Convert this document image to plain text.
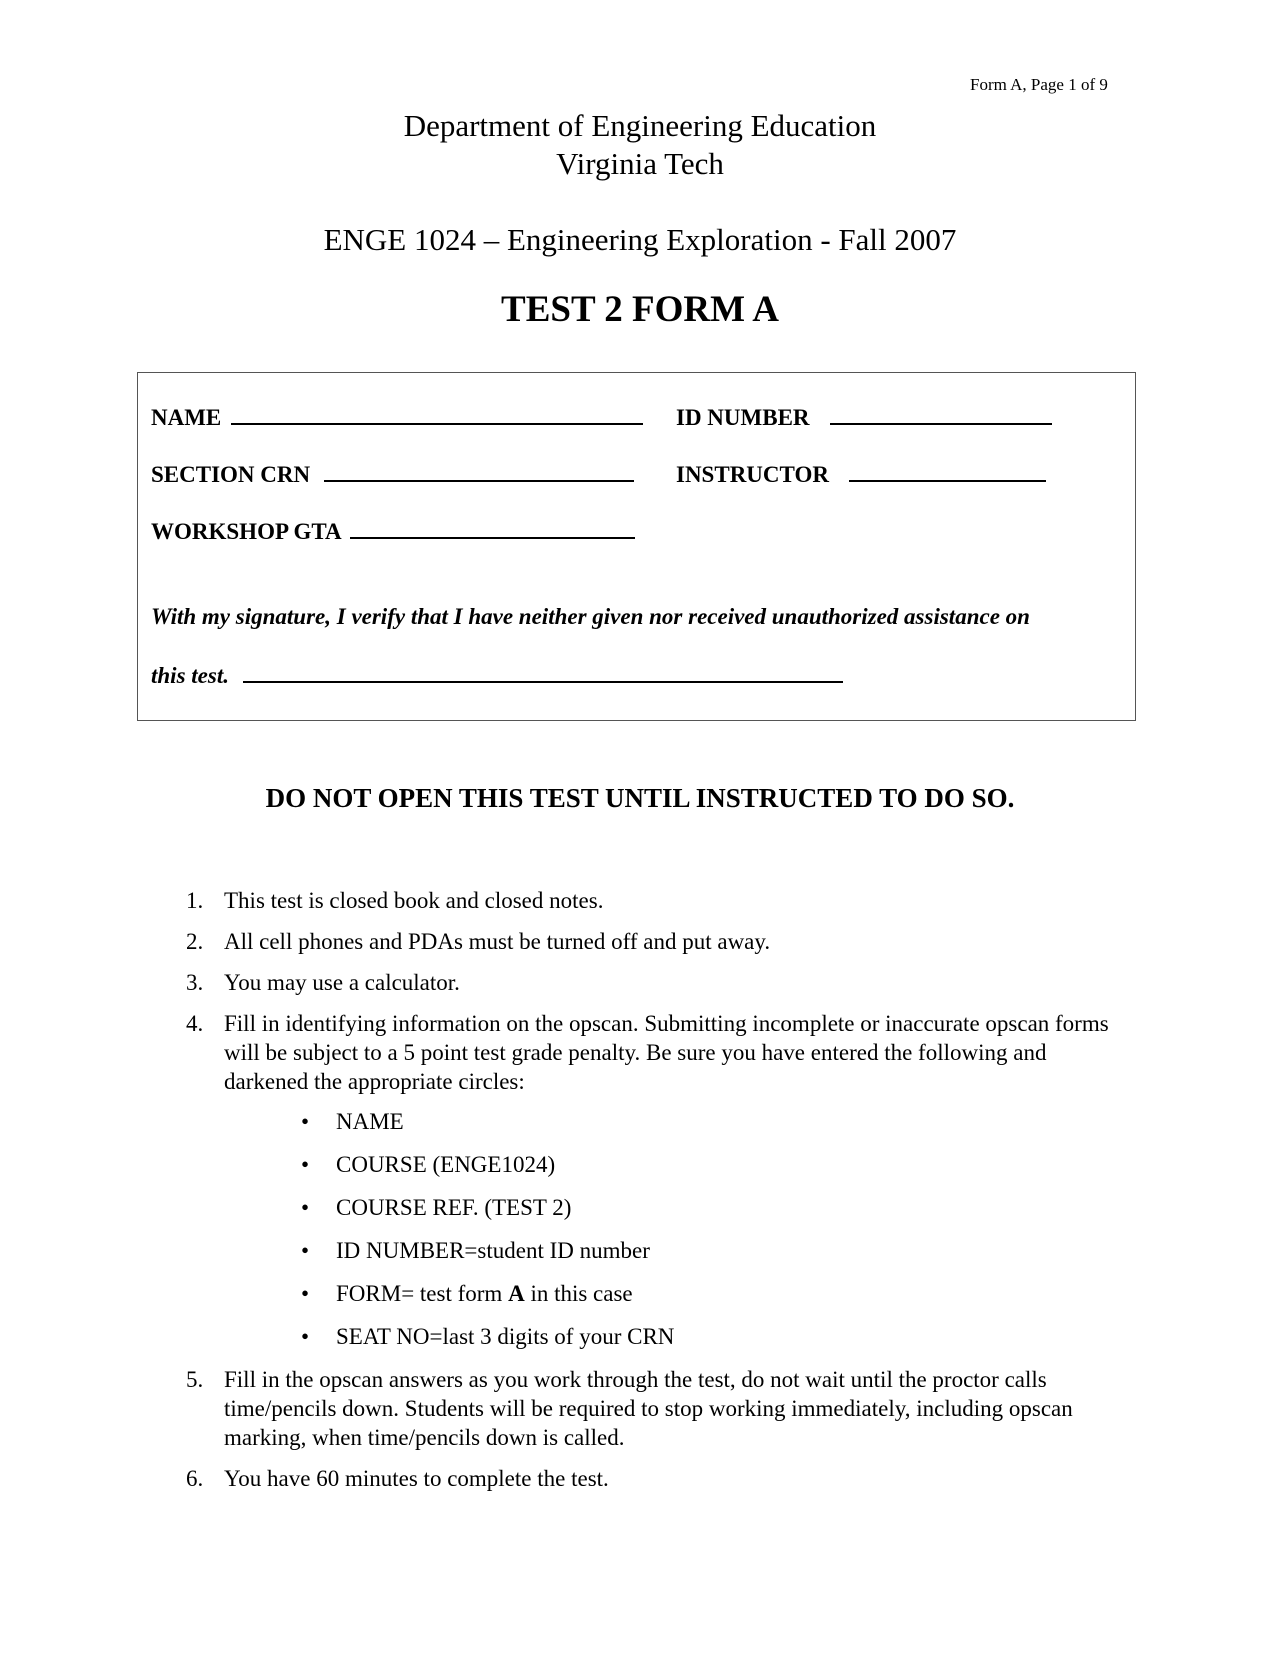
Form A, Page 1 of 9
Department of Engineering Education
Virginia Tech
ENGE 1024 – Engineering Exploration - Fall 2007
TEST 2 FORM A
NAME	ID NUMBER
SECTION CRN	INSTRUCTOR
WORKSHOP GTA
With my signature, I verify that I have neither given nor received unauthorized assistance on
this test.
DO NOT OPEN THIS TEST UNTIL INSTRUCTED TO DO SO.
1. This test is closed book and closed notes.
2. All cell phones and PDAs must be turned off and put away.
3. You may use a calculator.
4. Fill in identifying information on the opscan. Submitting incomplete or inaccurate opscan forms will be subject to a 5 point test grade penalty. Be sure you have entered the following and darkened the appropriate circles:
• NAME
• COURSE (ENGE1024)
• COURSE REF. (TEST 2)
• ID NUMBER=student ID number
• FORM= test form A in this case
• SEAT NO=last 3 digits of your CRN
5. Fill in the opscan answers as you work through the test, do not wait until the proctor calls time/pencils down. Students will be required to stop working immediately, including opscan marking, when time/pencils down is called.
6. You have 60 minutes to complete the test.
